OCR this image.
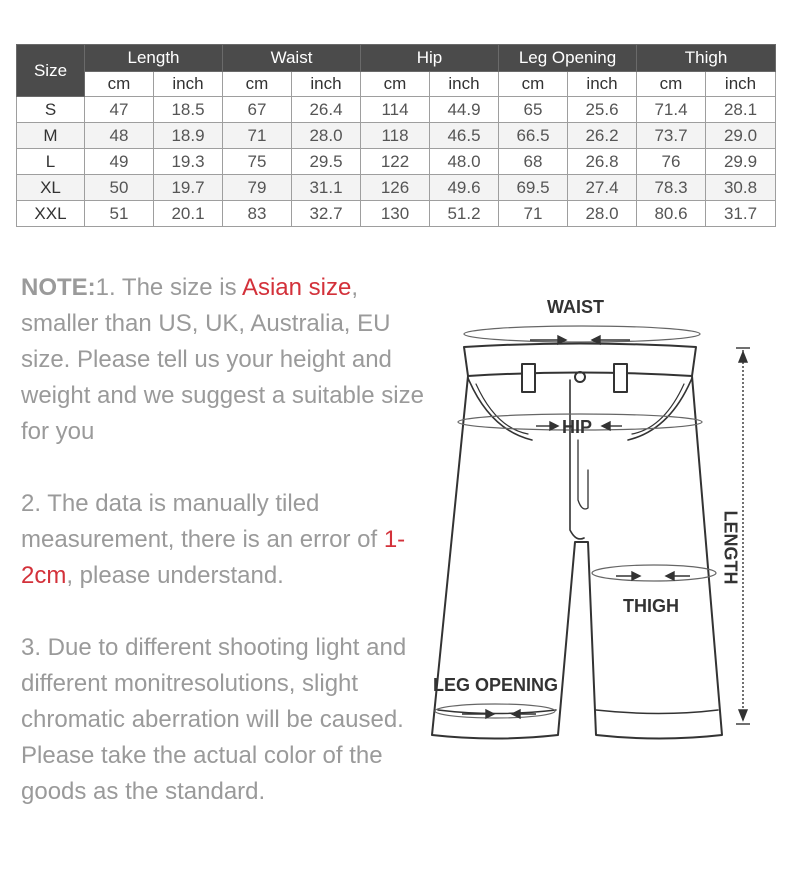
Size	Length		Waist		Hip		Leg Opening		Thigh	
	cm	inch	cm	inch	cm	inch	cm	inch	cm	inch
S	47	18.5	67	26.4	114	44.9	65	25.6	71.4	28.1
M	48	18.9	71	28.0	118	46.5	66.5	26.2	73.7	29.0
L	49	19.3	75	29.5	122	48.0	68	26.8	76	29.9
XL	50	19.7	79	31.1	126	49.6	69.5	27.4	78.3	30.8
XXL	51	20.1	83	32.7	130	51.2	71	28.0	80.6	31.7

NOTE:1. The size is Asian size, smaller than US, UK, Australia, EU size. Please tell us your height and weight and we suggest a suitable size for you

2. The data is manually tiled measurement, there is an error of 1-2cm, please understand.

3. Due to different shooting light and different monitresolutions, slight chromatic aberration will be caused. Please take the actual color of the goods as the standard.

WAIST
HIP
THIGH
LEG OPENING
LENGTH
